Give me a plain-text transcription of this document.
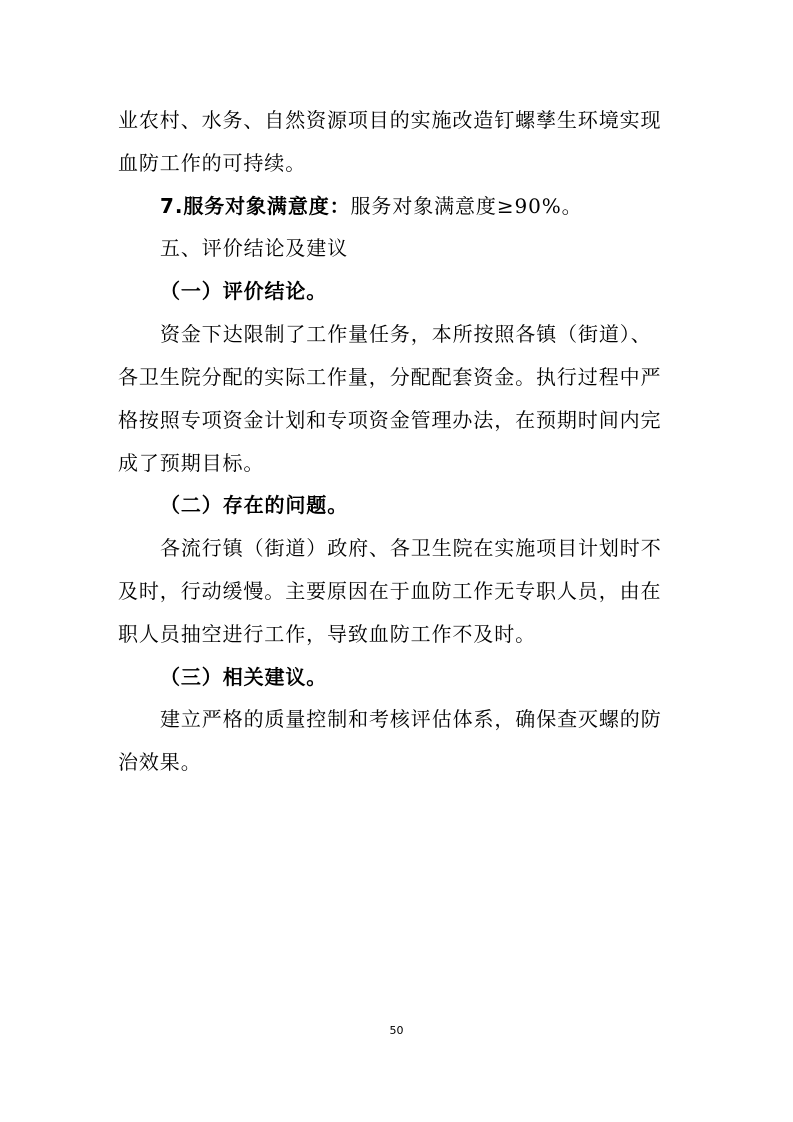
业农村、水务、自然资源项目的实施改造钉螺孳生环境实现
血防工作的可持续。
7.服务对象满意度：服务对象满意度≥90%。
五、评价结论及建议
（一）评价结论。
资金下达限制了工作量任务，本所按照各镇（街道）、
各卫生院分配的实际工作量，分配配套资金。执行过程中严
格按照专项资金计划和专项资金管理办法，在预期时间内完
成了预期目标。
（二）存在的问题。
各流行镇（街道）政府、各卫生院在实施项目计划时不
及时，行动缓慢。主要原因在于血防工作无专职人员，由在
职人员抽空进行工作，导致血防工作不及时。
（三）相关建议。
建立严格的质量控制和考核评估体系，确保查灭螺的防
治效果。
50
